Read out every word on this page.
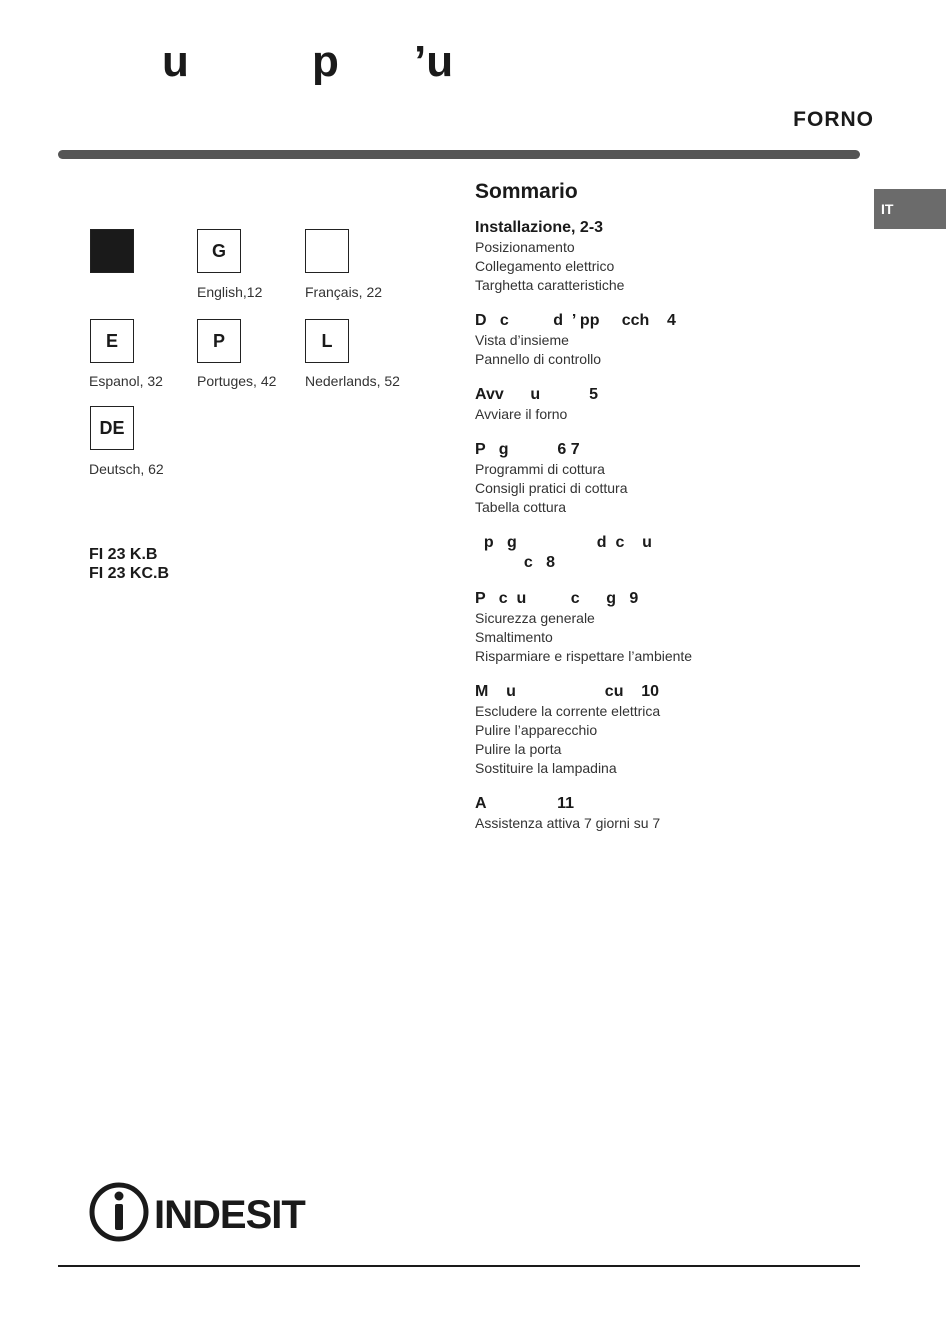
u	p ’u
FORNO
IT
G
English,12	Français, 22
E
Espanol, 32
P
Portuges, 42
L
Nederlands, 52
DE
Deutsch, 62
FI 23 K.B
FI 23 KC.B
Sommario
Installazione, 2-3
Posizionamento
Collegamento elettrico
Targhetta caratteristiche
D   c          d  ’ pp     cch    4
Vista d’insieme
Pannello di controllo
Avv      u           5
Avviare il forno
P   g           6 7
Programmi di cottura
Consigli pratici di cottura
Tabella cottura
p   g                  d  c    u
c   8
P   c  u          c      g   9
Sicurezza generale
Smaltimento
Risparmiare e rispettare l’ambiente
M    u                    cu    10
Escludere la corrente elettrica
Pulire l’apparecchio
Pulire la porta
Sostituire la lampadina
A                11
Assistenza attiva 7 giorni su 7
INDESIT
